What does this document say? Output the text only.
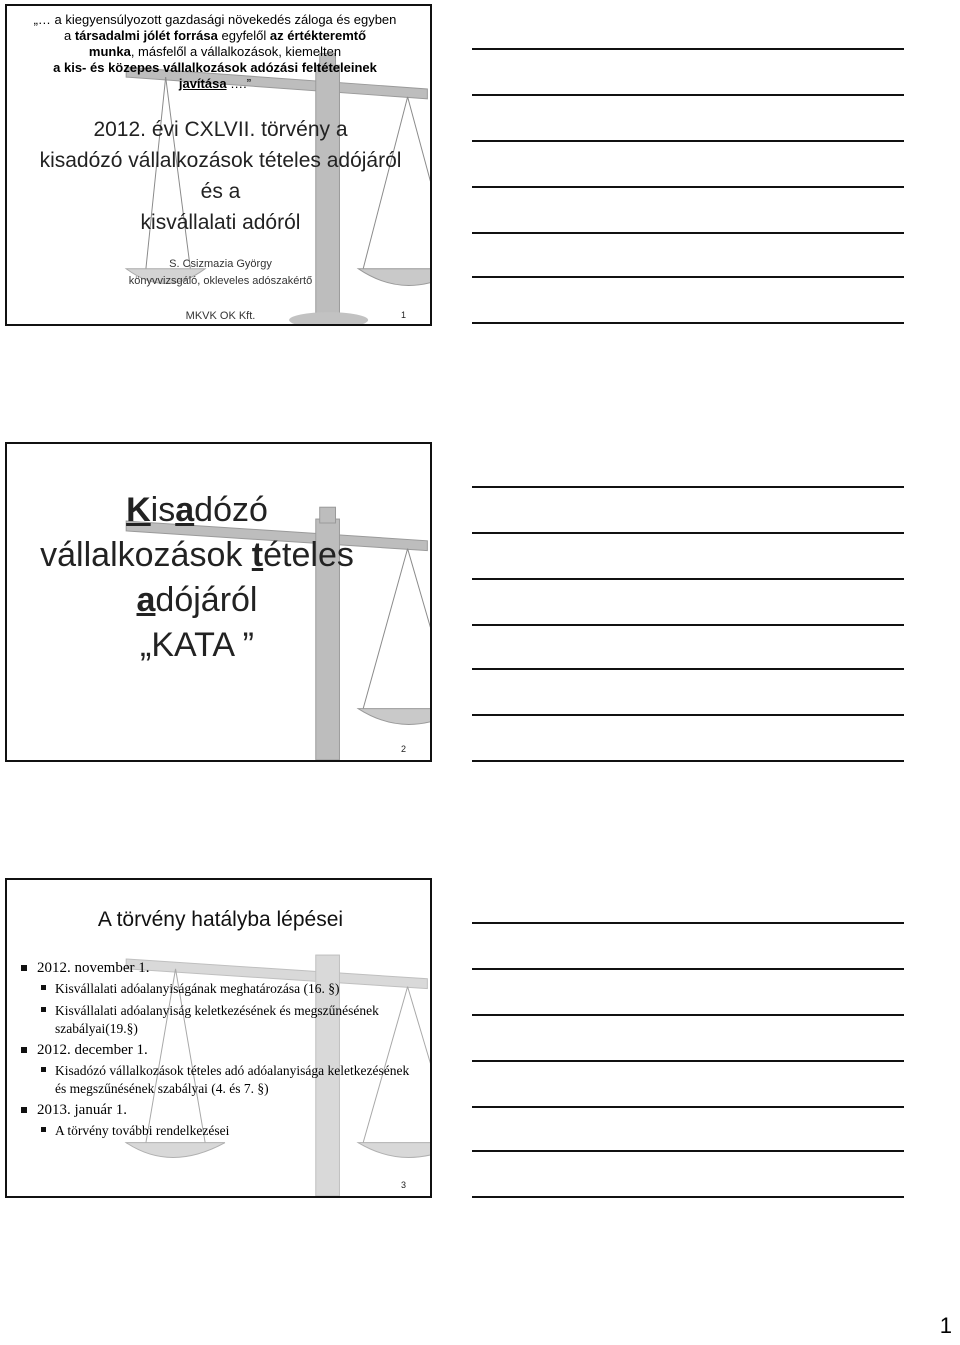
„… a kiegyensúlyozott gazdasági növekedés záloga és egyben
a társadalmi jólét forrása egyfelől az értékteremtő
munka, másfelől a vállalkozások, kiemelten
a kis- és közepes vállalkozások adózási feltételeinek
javítása ….”
2012. évi CXLVII. törvény a
kisadózó vállalkozások tételes adójáról
és a
kisvállalati adóról
S. Csizmazia György
könyvvizsgáló, okleveles adószakértő
MKVK OK Kft.	1
Kisadózó
vállalkozások tételes
adójáról
„KATA ”
2
A törvény hatályba lépései
2012. november 1.
Kisvállalati adóalanyiságának meghatározása (16. §)
Kisvállalati adóalanyiság keletkezésének és megszűnésének szabályai(19.§)
2012. december 1.
Kisadózó vállalkozások tételes adó adóalanyisága keletkezésének és megszűnésének szabályai (4. és 7. §)
2013. január 1.
A törvény további rendelkezései
3
1
